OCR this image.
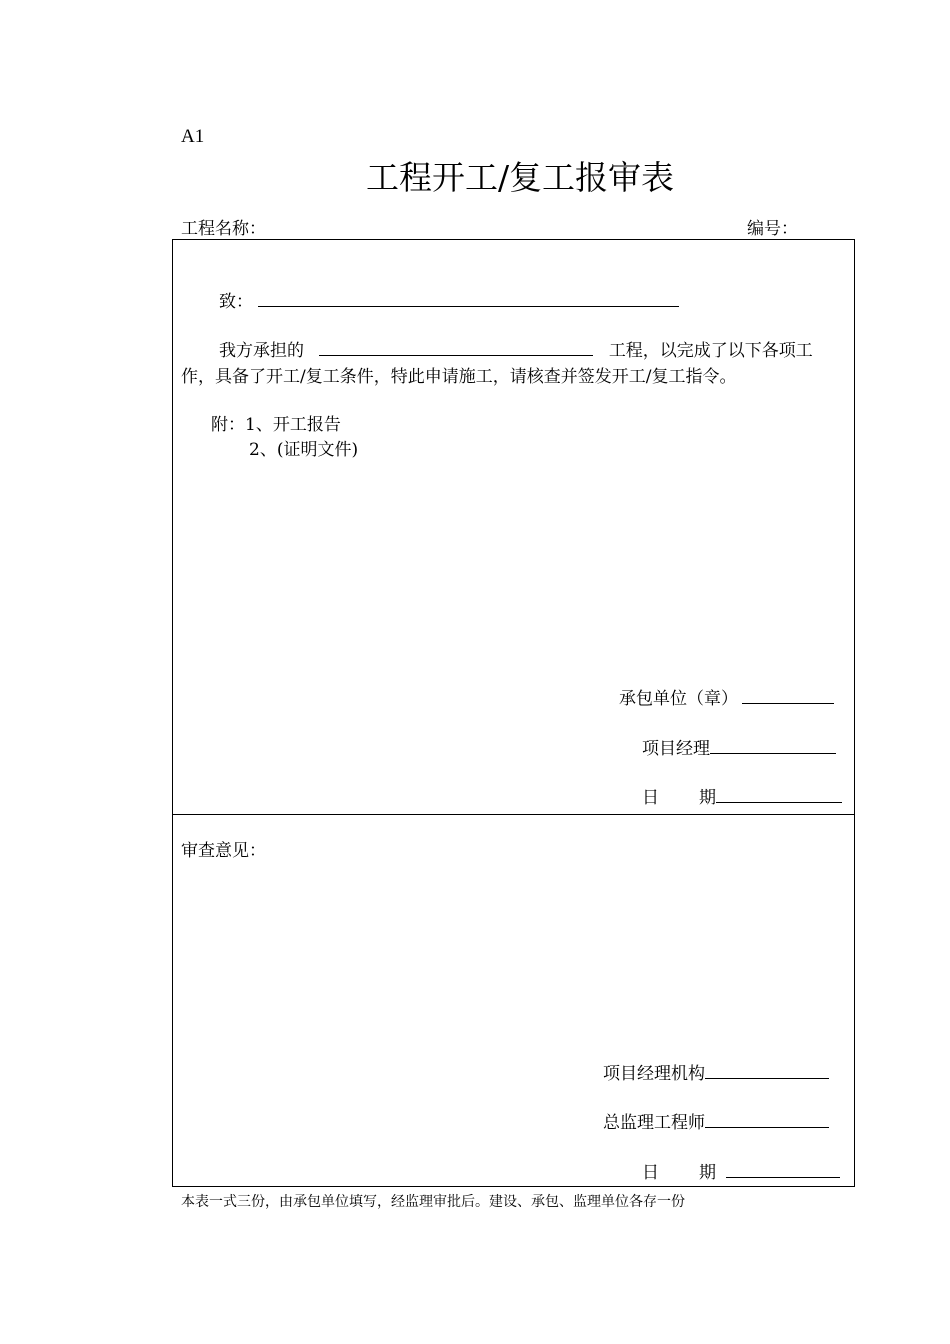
A1
工程开工/复工报审表
工程名称：	编号：
致：
我方承担的	工程，以完成了以下各项工
作，具备了开工/复工条件，特此申请施工，请核查并签发开工/复工指令。
附：1、开工报告
2、(证明文件)
承包单位（章）
项目经理
日 期
审查意见：
项目经理机构
总监理工程师
日 期
本表一式三份，由承包单位填写，经监理审批后。建设、承包、监理单位各存一份
